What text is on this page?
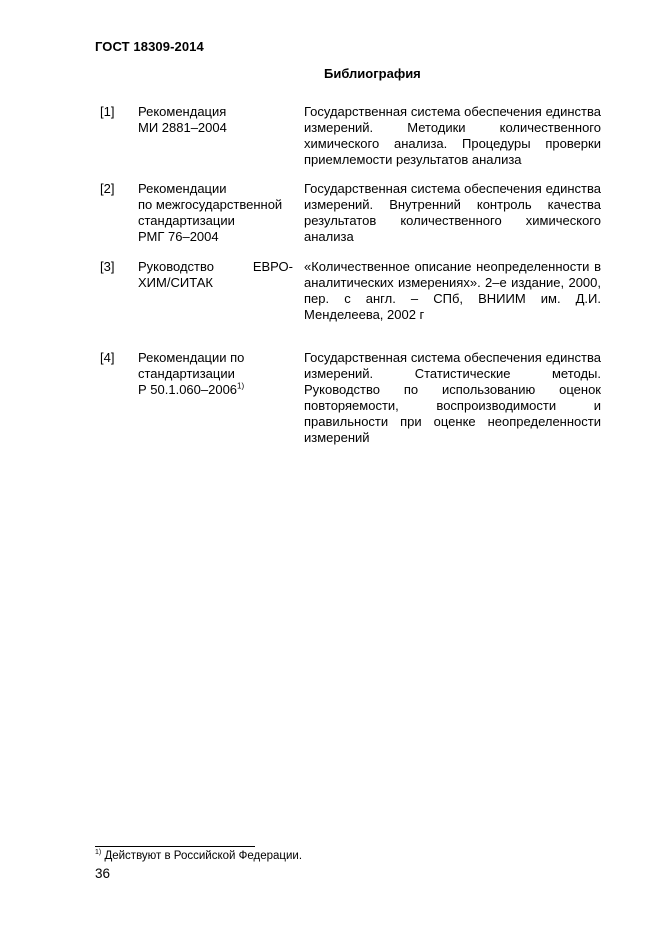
ГОСТ 18309-2014
Библиография
[1] Рекомендация
МИ 2881–2004
Государственная система обеспечения единства измерений. Методики количественного химического анализа. Процедуры проверки приемлемости результатов анализа
[2] Рекомендации
по межгосударственной
стандартизации
РМГ 76–2004
Государственная система обеспечения единства измерений. Внутренний контроль качества результатов количественного химического анализа
[3] Руководство ЕВРО-
ХИМ/СИТАК
«Количественное описание неопределенности в аналитических измерениях». 2–е издание, 2000, пер. с англ. – СПб, ВНИИМ им. Д.И. Менделеева, 2002 г
[4] Рекомендации по
стандартизации
Р 50.1.060–2006$^{1)}$
Государственная система обеспечения единства измерений. Статистические методы. Руководство по использованию оценок повторяемости, воспроизводимости и правильности при оценке неопределенности измерений
$^{1)}$ Действуют в Российской Федерации.
36
